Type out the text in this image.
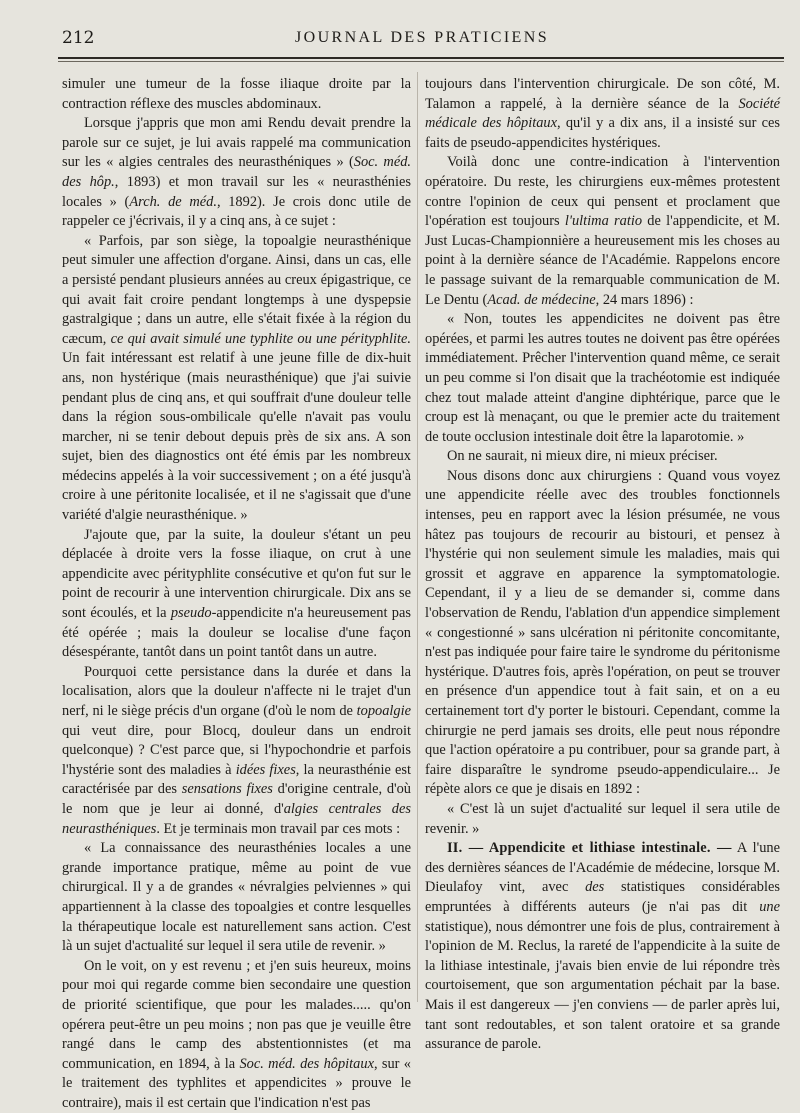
212	JOURNAL DES PRATICIENS

simuler une tumeur de la fosse iliaque droite par la contraction réflexe des muscles abdominaux.

Lorsque j'appris que mon ami Rendu devait prendre la parole sur ce sujet, je lui avais rappelé ma communication sur les « algies centrales des neurasthéniques » (Soc. méd. des hôp., 1893) et mon travail sur les « neurasthénies locales » (Arch. de méd., 1892). Je crois donc utile de rappeler ce j'écrivais, il y a cinq ans, à ce sujet :

« Parfois, par son siège, la topoalgie neurasthénique peut simuler une affection d'organe. Ainsi, dans un cas, elle a persisté pendant plusieurs années au creux épigastrique, ce qui avait fait croire pendant longtemps à une dyspepsie gastralgique ; dans un autre, elle s'était fixée à la région du cæcum, ce qui avait simulé une typhlite ou une pérityphlite. Un fait intéressant est relatif à une jeune fille de dix-huit ans, non hystérique (mais neurasthénique) que j'ai suivie pendant plus de cinq ans, et qui souffrait d'une douleur telle dans la région sous-ombilicale qu'elle n'avait pas voulu marcher, ni se tenir debout depuis près de six ans. A son sujet, bien des diagnostics ont été émis par les nombreux médecins appelés à la voir successivement ; on a été jusqu'à croire à une péritonite localisée, et il ne s'agissait que d'une variété d'algie neurasthénique. »

J'ajoute que, par la suite, la douleur s'étant un peu déplacée à droite vers la fosse iliaque, on crut à une appendicite avec pérityphlite consécutive et qu'on fut sur le point de recourir à une intervention chirurgicale. Dix ans se sont écoulés, et la pseudo-appendicite n'a heureusement pas été opérée ; mais la douleur se localise d'une façon désespérante, tantôt dans un point tantôt dans un autre.

Pourquoi cette persistance dans la durée et dans la localisation, alors que la douleur n'affecte ni le trajet d'un nerf, ni le siège précis d'un organe (d'où le nom de topoalgie qui veut dire, pour Blocq, douleur dans un endroit quelconque) ? C'est parce que, si l'hypochondrie et parfois l'hystérie sont des maladies à idées fixes, la neurasthénie est caractérisée par des sensations fixes d'origine centrale, d'où le nom que je leur ai donné, d'algies centrales des neurasthéniques. Et je terminais mon travail par ces mots :

« La connaissance des neurasthénies locales a une grande importance pratique, même au point de vue chirurgical. Il y a de grandes « névralgies pelviennes » qui appartiennent à la classe des topoalgies et contre lesquelles la thérapeutique locale est naturellement sans action. C'est là un sujet d'actualité sur lequel il sera utile de revenir. »

On le voit, on y est revenu ; et j'en suis heureux, moins pour moi qui regarde comme bien secondaire une question de priorité scientifique, que pour les malades..... qu'on opérera peut-être un peu moins ; non pas que je veuille être rangé dans le camp des abstentionnistes (et ma communication, en 1894, à la Soc. méd. des hôpitaux, sur « le traitement des typhlites et appendicites » prouve le contraire), mais il est certain que l'indication n'est pas

toujours dans l'intervention chirurgicale. De son côté, M. Talamon a rappelé, à la dernière séance de la Société médicale des hôpitaux, qu'il y a dix ans, il a insisté sur ces faits de pseudo-appendicites hystériques.

Voilà donc une contre-indication à l'intervention opératoire. Du reste, les chirurgiens eux-mêmes protestent contre l'opinion de ceux qui pensent et proclament que l'opération est toujours l'ultima ratio de l'appendicite, et M. Just Lucas-Championnière a heureusement mis les choses au point à la dernière séance de l'Académie. Rappelons encore le passage suivant de la remarquable communication de M. Le Dentu (Acad. de médecine, 24 mars 1896) :

« Non, toutes les appendicites ne doivent pas être opérées, et parmi les autres toutes ne doivent pas être opérées immédiatement. Prêcher l'intervention quand même, ce serait un peu comme si l'on disait que la trachéotomie est indiquée chez tout malade atteint d'angine diphtérique, parce que le croup est là menaçant, ou que le premier acte du traitement de toute occlusion intestinale doit être la laparotomie. »

On ne saurait, ni mieux dire, ni mieux préciser.

Nous disons donc aux chirurgiens : Quand vous voyez une appendicite réelle avec des troubles fonctionnels intenses, peu en rapport avec la lésion présumée, ne vous hâtez pas toujours de recourir au bistouri, et pensez à l'hystérie qui non seulement simule les maladies, mais qui grossit et aggrave en apparence la symptomatologie. Cependant, il y a lieu de se demander si, comme dans l'observation de Rendu, l'ablation d'un appendice simplement « congestionné » sans ulcération ni péritonite concomitante, n'est pas indiquée pour faire taire le syndrome du péritonisme hystérique. D'autres fois, après l'opération, on peut se trouver en présence d'un appendice tout à fait sain, et on a eu certainement tort d'y porter le bistouri. Cependant, comme la chirurgie ne perd jamais ses droits, elle peut nous répondre que l'action opératoire a pu contribuer, pour sa grande part, à faire disparaître le syndrome pseudo-appendiculaire... Je répète alors ce que je disais en 1892 :

« C'est là un sujet d'actualité sur lequel il sera utile de revenir. »

II. — Appendicite et lithiase intestinale. — A l'une des dernières séances de l'Académie de médecine, lorsque M. Dieulafoy vint, avec des statistiques considérables empruntées à différents auteurs (je n'ai pas dit une statistique), nous démontrer une fois de plus, contrairement à l'opinion de M. Reclus, la rareté de l'appendicite à la suite de la lithiase intestinale, j'avais bien envie de lui répondre très courtoisement, que son argumentation péchait par la base. Mais il est dangereux — j'en conviens — de parler après lui, tant sont redoutables, et son talent oratoire et sa grande assurance de parole.
